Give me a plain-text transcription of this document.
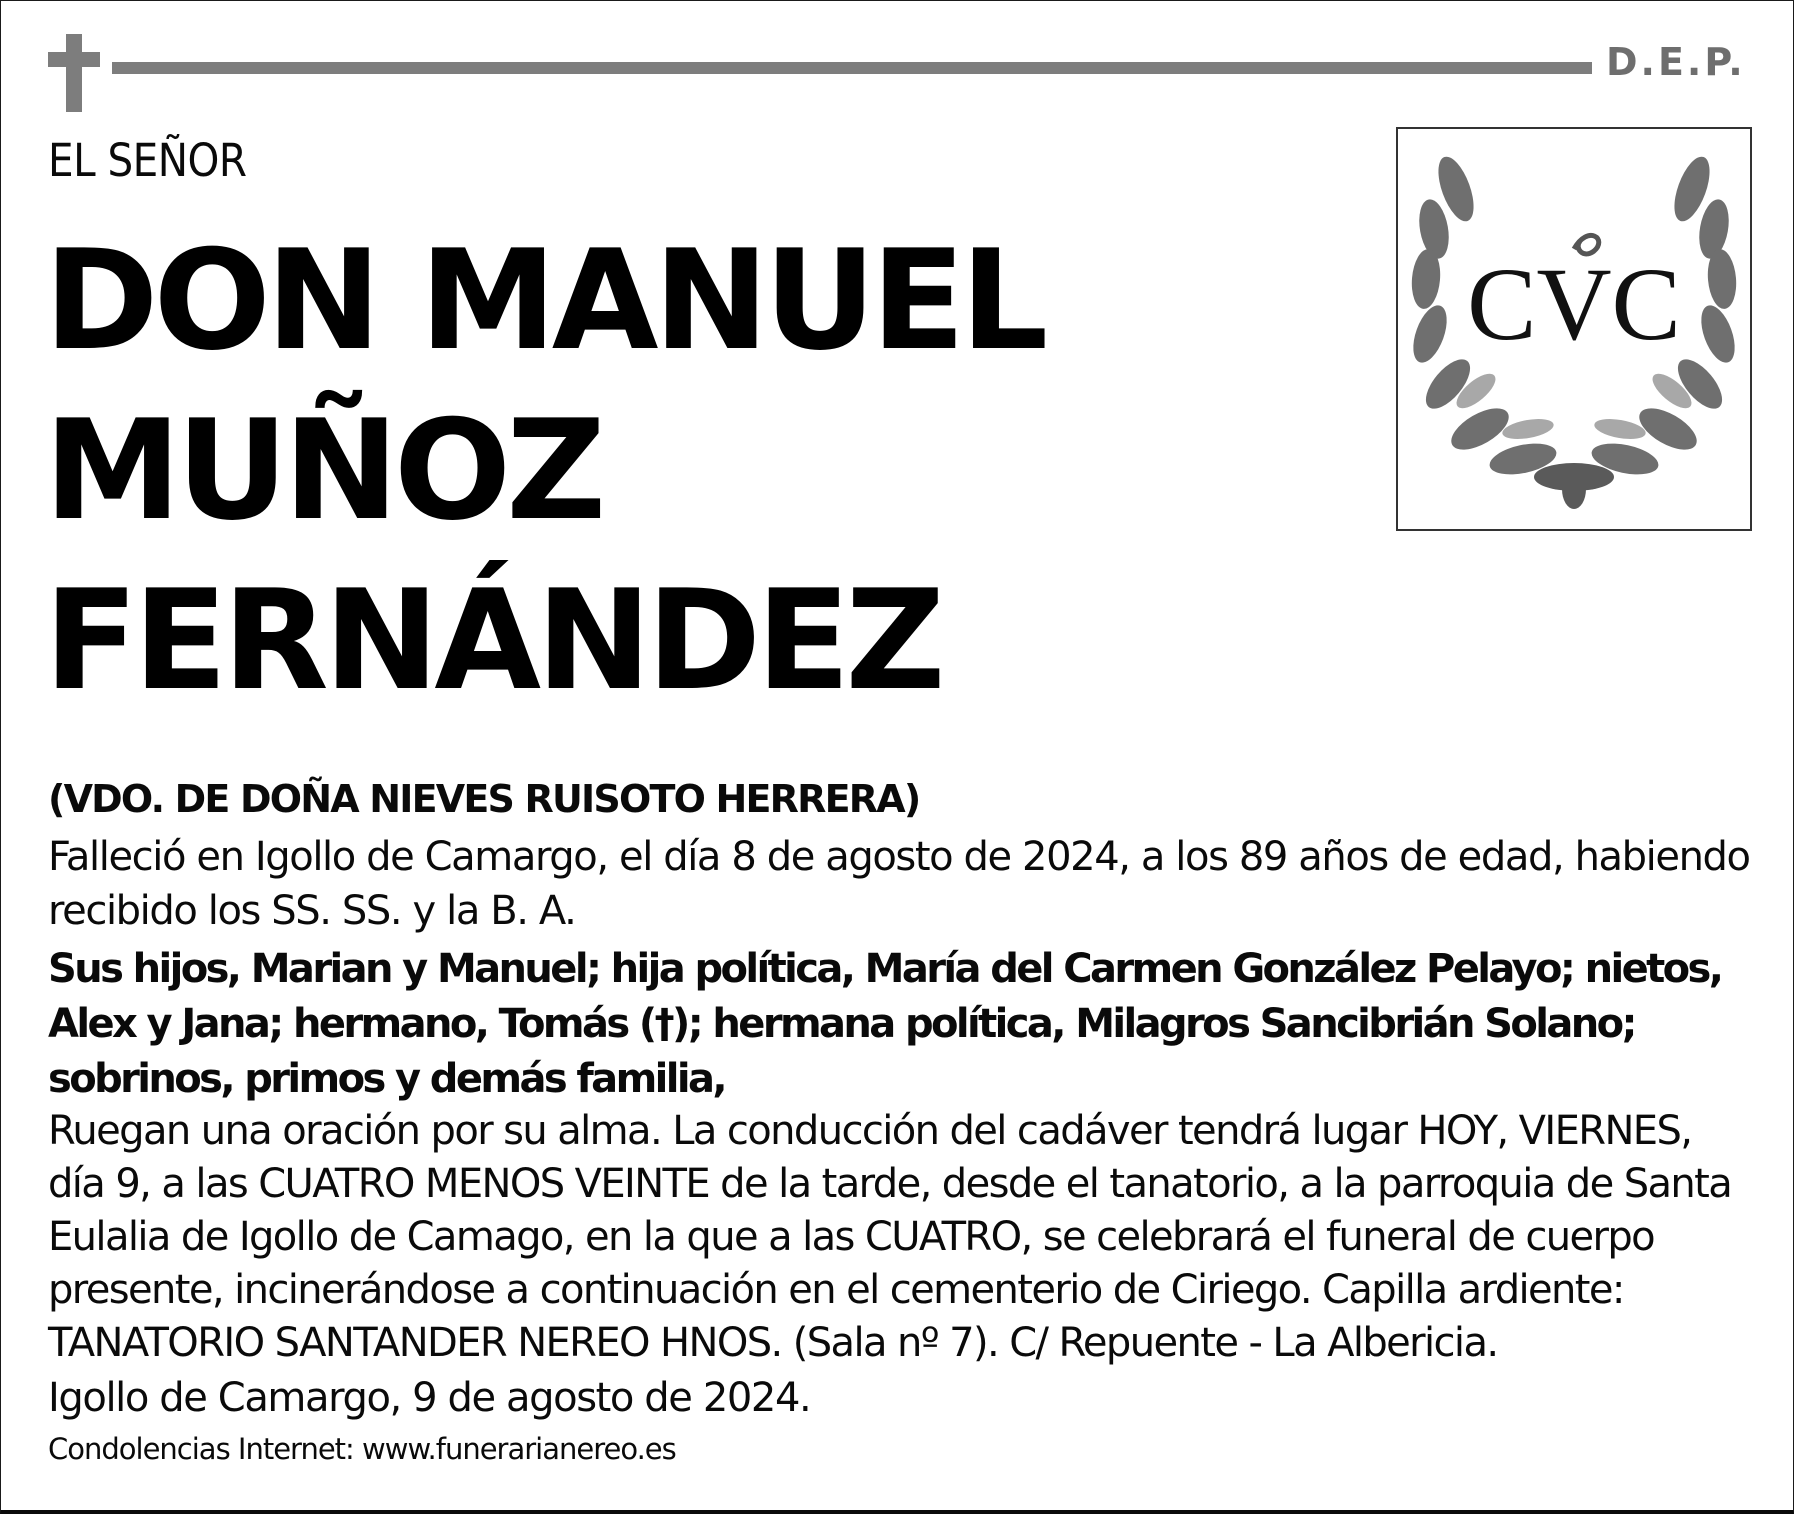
D.E.P.
CVC
EL SEÑOR
DON MANUEL
MUÑOZ
FERNÁNDEZ
(VDO. DE DOÑA NIEVES RUISOTO HERRERA)

Falleció en Igollo de Camargo, el día 8 de agosto de 2024, a los 89 años de edad, habiendo recibido los SS. SS. y la B. A.

Sus hijos, Marian y Manuel; hija política, María del Carmen González Pelayo; nietos, Alex y Jana; hermano, Tomás (†); hermana política, Milagros Sancibrián Solano; sobrinos, primos y demás familia,

Ruegan una oración por su alma. La conducción del cadáver tendrá lugar HOY, VIERNES, día 9, a las CUATRO MENOS VEINTE de la tarde, desde el tanatorio, a la parroquia de Santa Eulalia de Igollo de Camago, en la que a las CUATRO, se celebrará el funeral de cuerpo presente, incinerándose a continuación en el cementerio de Ciriego. Capilla ardiente: TANATORIO SANTANDER NEREO HNOS. (Sala nº 7). C/ Repuente - La Albericia.

Igollo de Camargo, 9 de agosto de 2024.
Condolencias Internet: www.funerarianereo.es
